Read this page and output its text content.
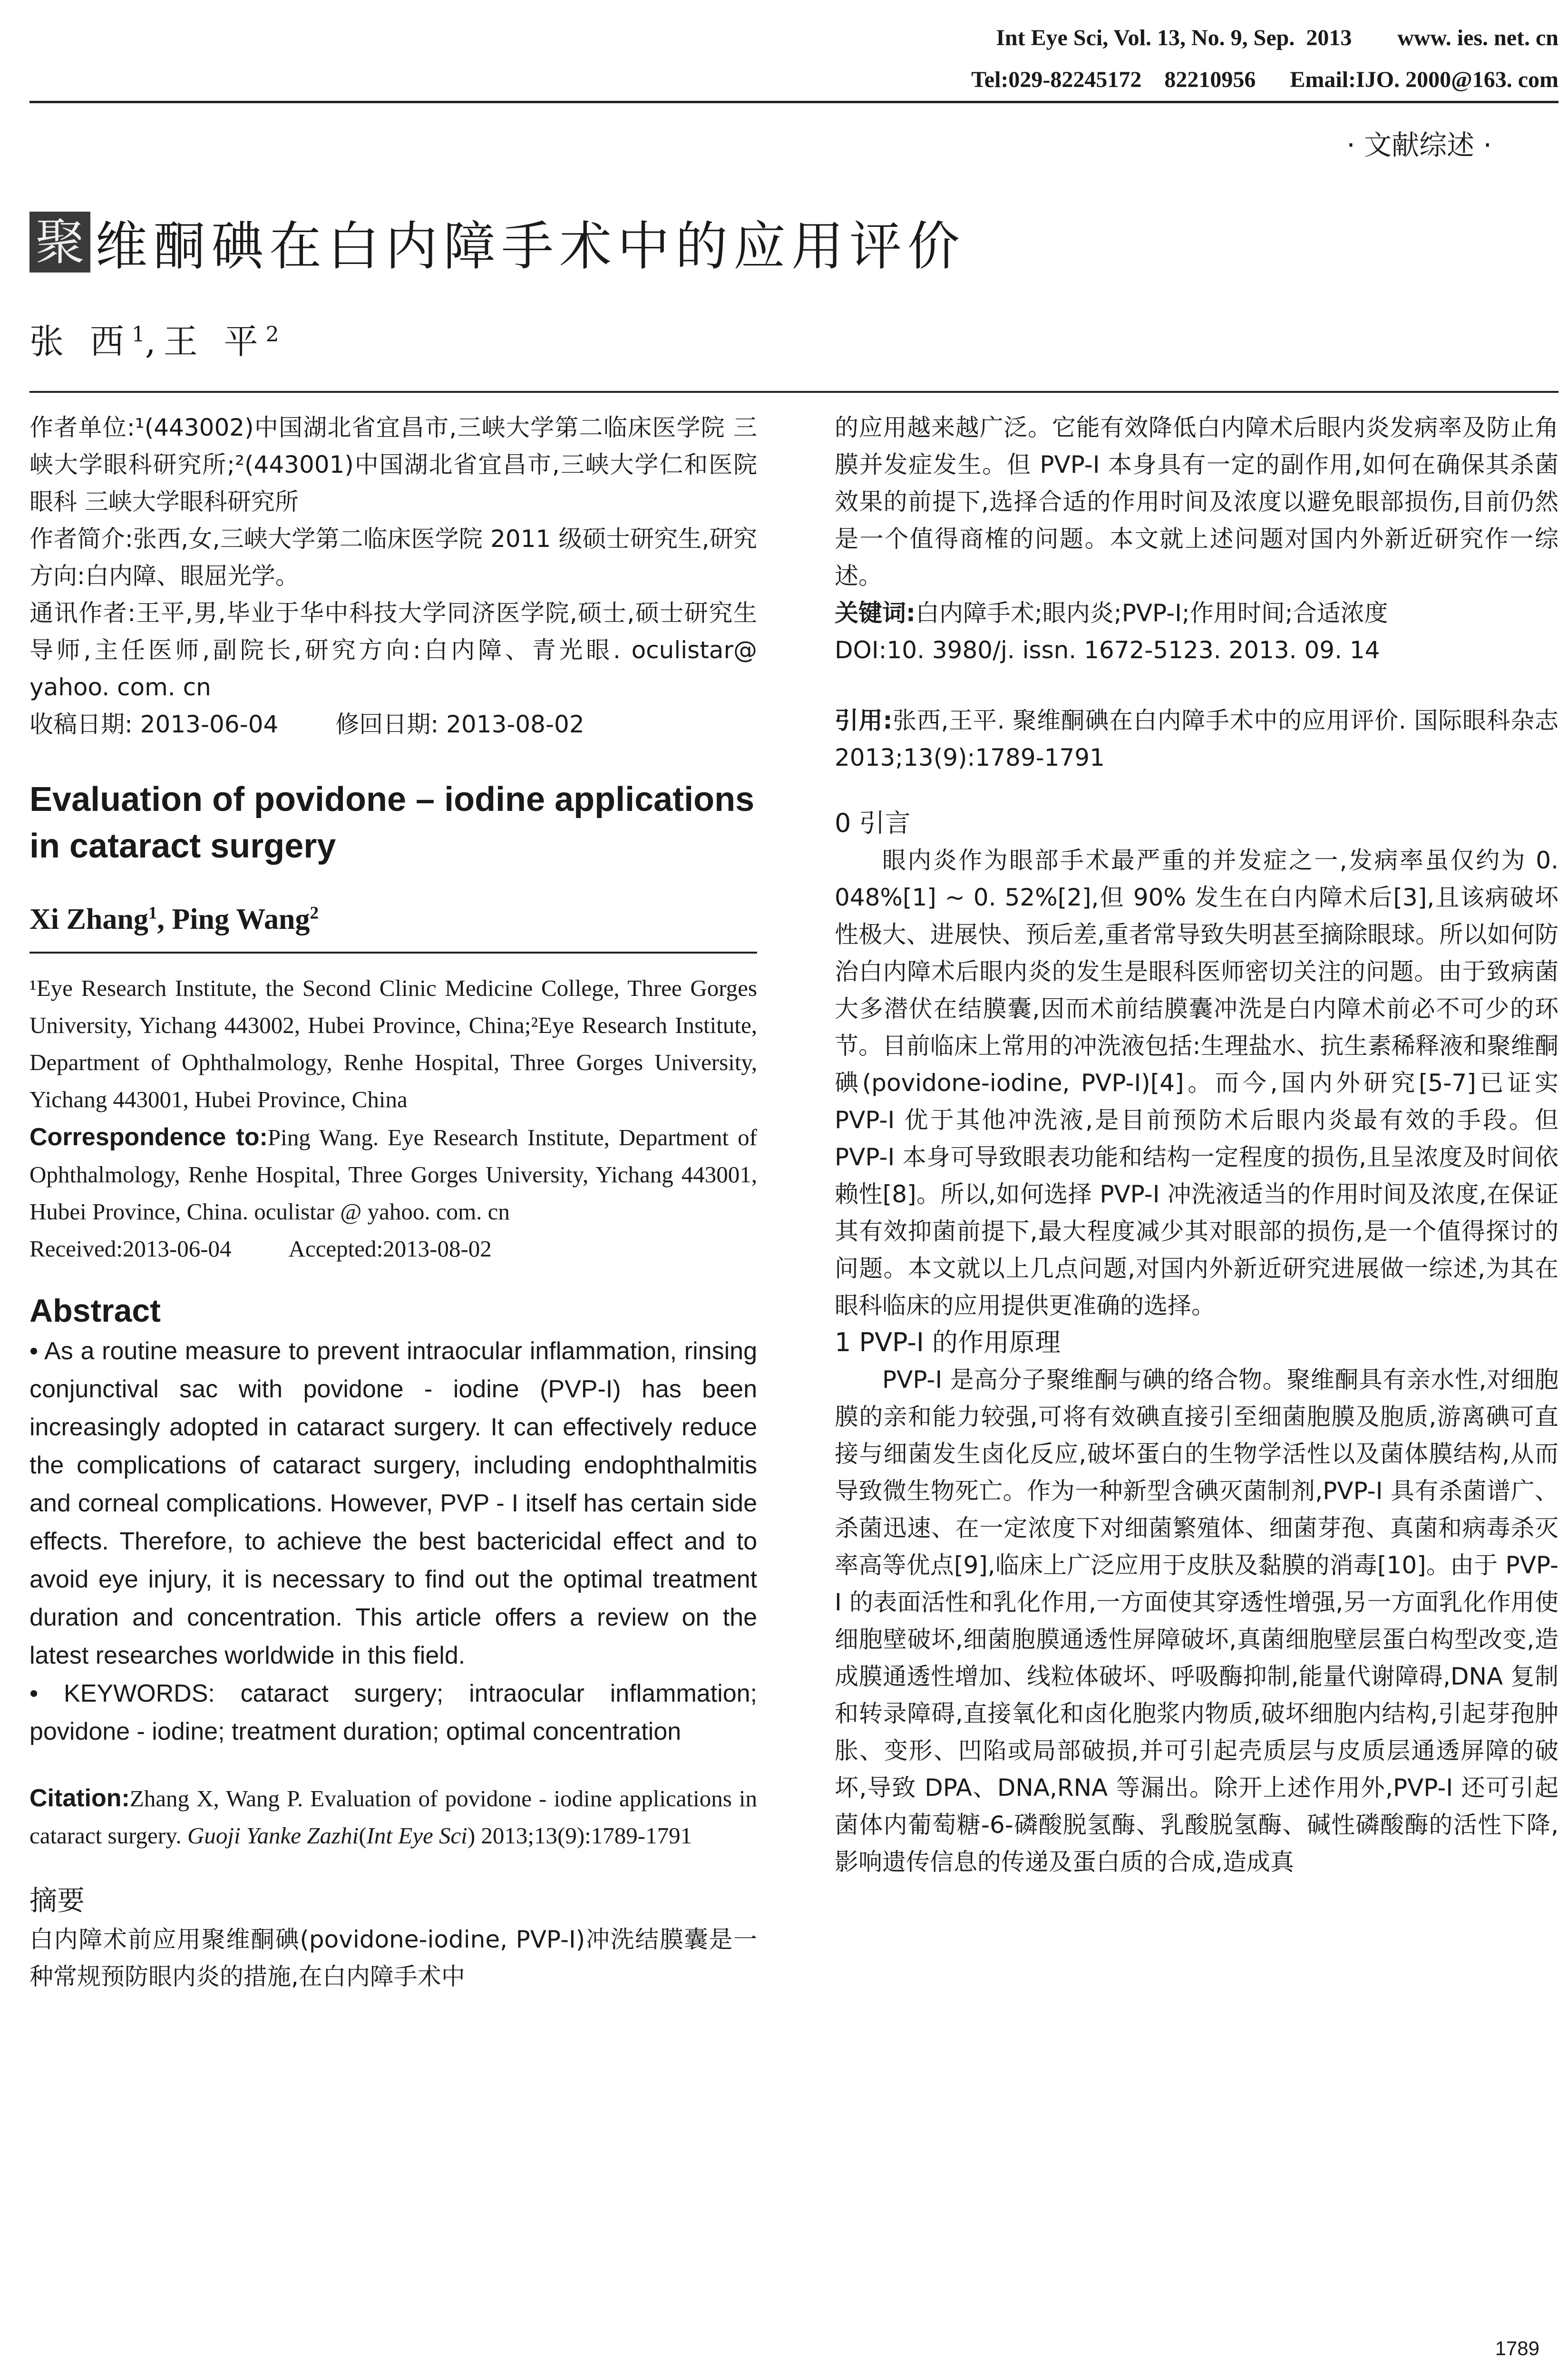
Int Eye Sci, Vol. 13, No. 9, Sep.  2013        www. ies. net. cn
Tel:029-82245172    82210956      Email:IJO. 2000@163. com
· 文献综述 ·
聚 维酮碘在白内障手术中的应用评价
张 西$^1$,王 平$^2$

作者单位:¹(443002)中国湖北省宜昌市,三峡大学第二临床医学院 三峡大学眼科研究所;²(443001)中国湖北省宜昌市,三峡大学仁和医院眼科 三峡大学眼科研究所

作者简介:张西,女,三峡大学第二临床医学院 2011 级硕士研究生,研究方向:白内障、眼屈光学。

通讯作者:王平,男,毕业于华中科技大学同济医学院,硕士,硕士研究生导师,主任医师,副院长,研究方向:白内障、青光眼. oculistar@ yahoo. com. cn

收稿日期: 2013-06-04 修回日期: 2013-08-02
Evaluation of povidone – iodine applications in cataract surgery
Xi Zhang$^1$, Ping Wang$^2$

¹Eye Research Institute, the Second Clinic Medicine College, Three Gorges University, Yichang 443002, Hubei Province, China;²Eye Research Institute, Department of Ophthalmology, Renhe Hospital, Three Gorges University, Yichang 443001, Hubei Province, China

Correspondence to:Ping Wang. Eye Research Institute, Department of Ophthalmology, Renhe Hospital, Three Gorges University, Yichang 443001, Hubei Province, China. oculistar @ yahoo. com. cn

Received:2013-06-04 Accepted:2013-08-02
Abstract

• As a routine measure to prevent intraocular inflammation, rinsing conjunctival sac with povidone - iodine (PVP-I) has been increasingly adopted in cataract surgery. It can effectively reduce the complications of cataract surgery, including endophthalmitis and corneal complications. However, PVP - I itself has certain side effects. Therefore, to achieve the best bactericidal effect and to avoid eye injury, it is necessary to find out the optimal treatment duration and concentration. This article offers a review on the latest researches worldwide in this field.

• KEYWORDS: cataract surgery; intraocular inflammation; povidone - iodine; treatment duration; optimal concentration

Citation:Zhang X, Wang P. Evaluation of povidone - iodine applications in cataract surgery. Guoji Yanke Zazhi(Int Eye Sci) 2013;13(9):1789-1791

摘要

白内障术前应用聚维酮碘(povidone-iodine, PVP-I)冲洗结膜囊是一种常规预防眼内炎的措施,在白内障手术中

的应用越来越广泛。它能有效降低白内障术后眼内炎发病率及防止角膜并发症发生。但 PVP-I 本身具有一定的副作用,如何在确保其杀菌效果的前提下,选择合适的作用时间及浓度以避免眼部损伤,目前仍然是一个值得商榷的问题。本文就上述问题对国内外新近研究作一综述。

关键词:白内障手术;眼内炎;PVP-I;作用时间;合适浓度

DOI:10. 3980/j. issn. 1672-5123. 2013. 09. 14

引用:张西,王平. 聚维酮碘在白内障手术中的应用评价. 国际眼科杂志 2013;13(9):1789-1791

0 引言

眼内炎作为眼部手术最严重的并发症之一,发病率虽仅约为 0. 048%[1] ~ 0. 52%[2],但 90% 发生在白内障术后[3],且该病破坏性极大、进展快、预后差,重者常导致失明甚至摘除眼球。所以如何防治白内障术后眼内炎的发生是眼科医师密切关注的问题。由于致病菌大多潜伏在结膜囊,因而术前结膜囊冲洗是白内障术前必不可少的环节。目前临床上常用的冲洗液包括:生理盐水、抗生素稀释液和聚维酮碘(povidone-iodine, PVP-I)[4]。而今,国内外研究[5-7]已证实 PVP-I 优于其他冲洗液,是目前预防术后眼内炎最有效的手段。但 PVP-I 本身可导致眼表功能和结构一定程度的损伤,且呈浓度及时间依赖性[8]。所以,如何选择 PVP-I 冲洗液适当的作用时间及浓度,在保证其有效抑菌前提下,最大程度减少其对眼部的损伤,是一个值得探讨的问题。本文就以上几点问题,对国内外新近研究进展做一综述,为其在眼科临床的应用提供更准确的选择。

1 PVP-I 的作用原理

PVP-I 是高分子聚维酮与碘的络合物。聚维酮具有亲水性,对细胞膜的亲和能力较强,可将有效碘直接引至细菌胞膜及胞质,游离碘可直接与细菌发生卤化反应,破坏蛋白的生物学活性以及菌体膜结构,从而导致微生物死亡。作为一种新型含碘灭菌制剂,PVP-I 具有杀菌谱广、杀菌迅速、在一定浓度下对细菌繁殖体、细菌芽孢、真菌和病毒杀灭率高等优点[9],临床上广泛应用于皮肤及黏膜的消毒[10]。由于 PVP-I 的表面活性和乳化作用,一方面使其穿透性增强,另一方面乳化作用使细胞壁破坏,细菌胞膜通透性屏障破坏,真菌细胞壁层蛋白构型改变,造成膜通透性增加、线粒体破坏、呼吸酶抑制,能量代谢障碍,DNA 复制和转录障碍,直接氧化和卤化胞浆内物质,破坏细胞内结构,引起芽孢肿胀、变形、凹陷或局部破损,并可引起壳质层与皮质层通透屏障的破坏,导致 DPA、DNA,RNA 等漏出。除开上述作用外,PVP-I 还可引起菌体内葡萄糖-6-磷酸脱氢酶、乳酸脱氢酶、碱性磷酸酶的活性下降,影响遗传信息的传递及蛋白质的合成,造成真

1789
